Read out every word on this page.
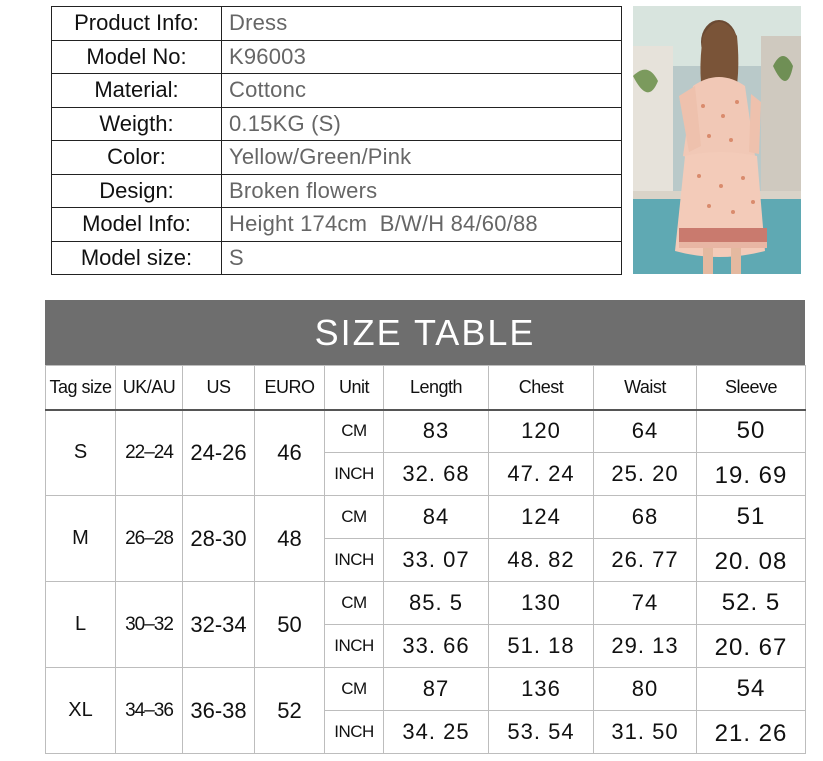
Product Info:	Dress
Model No:	K96003
Material:	Cottonc
Weigth:	0.15KG (S)
Color:	Yellow/Green/Pink
Design:	Broken flowers
Model Info:	Height 174cm  B/W/H 84/60/88
Model size:	S
SIZE TABLE
Tag size	UK/AU	US	EURO	Unit	Length	Chest	Waist	Sleeve
S	22–24	24-26	46	CM	83	120	64	50
				INCH	32. 68	47. 24	25. 20	19. 69
M	26–28	28-30	48	CM	84	124	68	51
				INCH	33. 07	48. 82	26. 77	20. 08
L	30–32	32-34	50	CM	85. 5	130	74	52. 5
				INCH	33. 66	51. 18	29. 13	20. 67
XL	34–36	36-38	52	CM	87	136	80	54
				INCH	34. 25	53. 54	31. 50	21. 26
